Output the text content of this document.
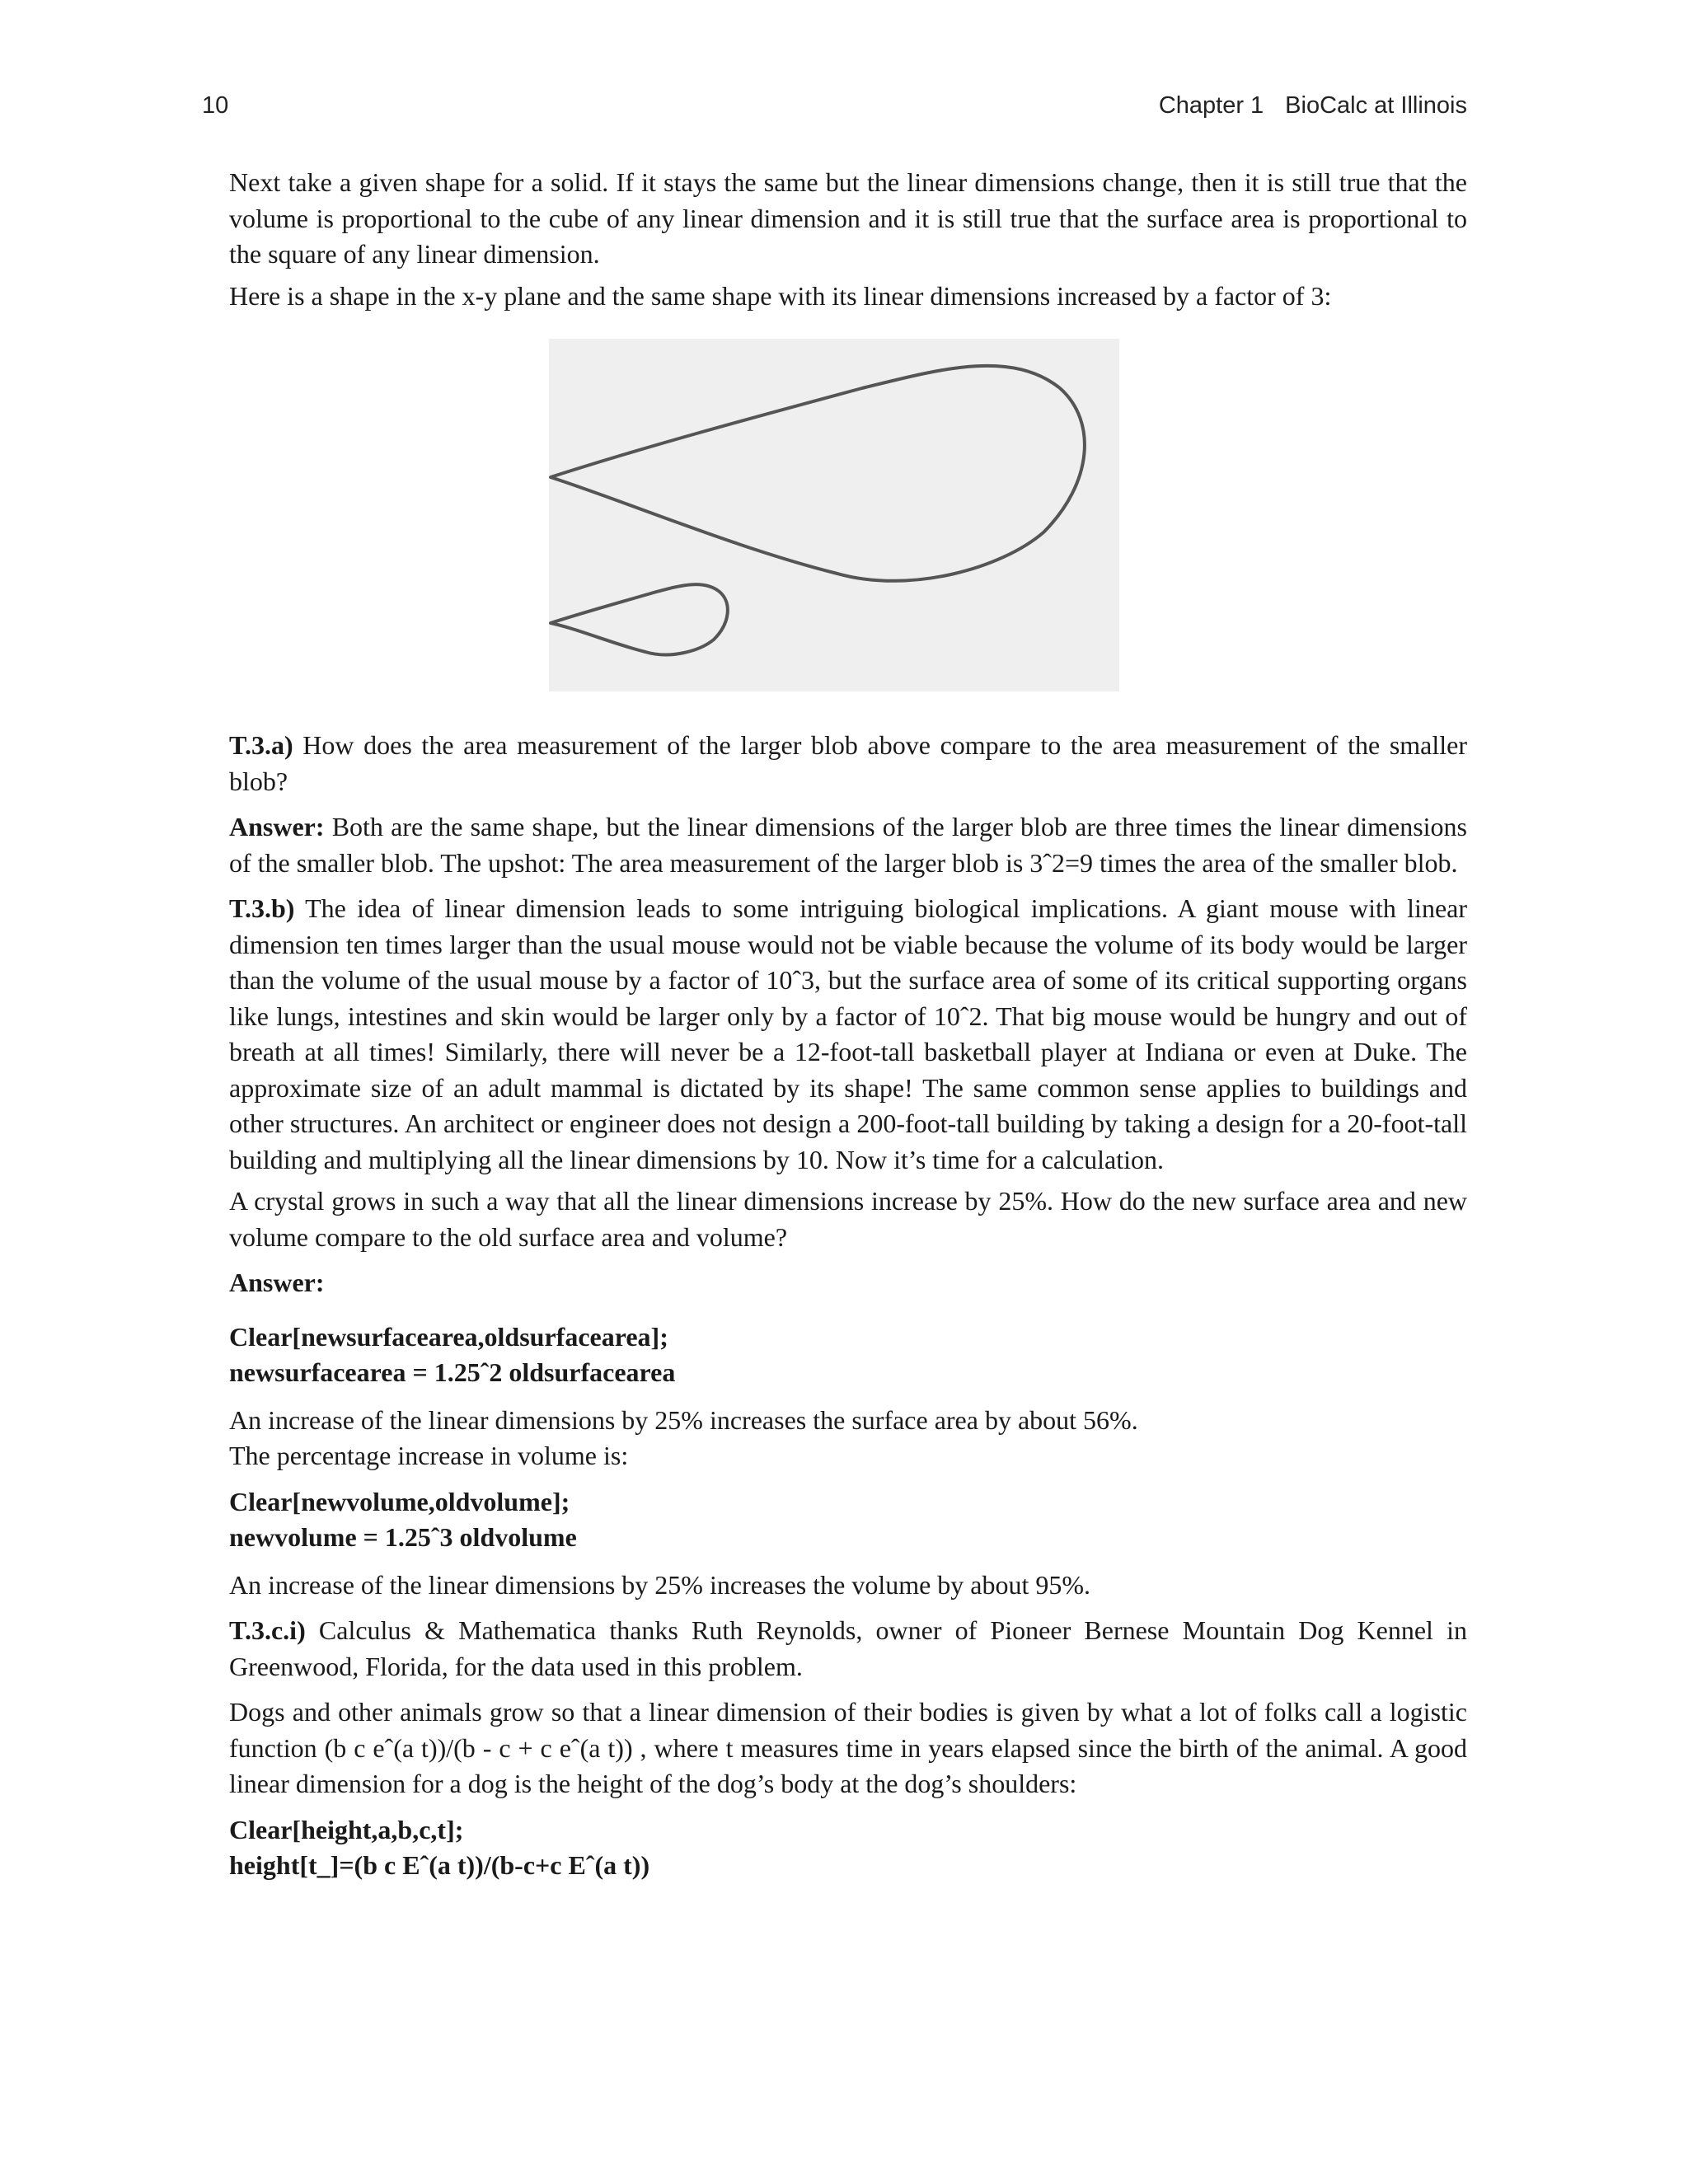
10	Chapter 1 BioCalc at Illinois

Next take a given shape for a solid. If it stays the same but the linear dimensions change, then it is still true that the volume is proportional to the cube of any linear dimension and it is still true that the surface area is proportional to the square of any linear dimension.

Here is a shape in the x-y plane and the same shape with its linear dimensions increased by a factor of 3:

T.3.a) How does the area measurement of the larger blob above compare to the area measurement of the smaller blob?

Answer: Both are the same shape, but the linear dimensions of the larger blob are three times the linear dimensions of the smaller blob. The upshot: The area measurement of the larger blob is 3ˆ2=9 times the area of the smaller blob.

T.3.b) The idea of linear dimension leads to some intriguing biological implications. A giant mouse with linear dimension ten times larger than the usual mouse would not be viable because the volume of its body would be larger than the volume of the usual mouse by a factor of 10ˆ3, but the surface area of some of its critical supporting organs like lungs, intestines and skin would be larger only by a factor of 10ˆ2. That big mouse would be hungry and out of breath at all times! Similarly, there will never be a 12-foot-tall basketball player at Indiana or even at Duke. The approximate size of an adult mammal is dictated by its shape! The same common sense applies to buildings and other structures. An architect or engineer does not design a 200-foot-tall building by taking a design for a 20-foot-tall building and multiplying all the linear dimensions by 10. Now it’s time for a calculation.

A crystal grows in such a way that all the linear dimensions increase by 25%. How do the new surface area and new volume compare to the old surface area and volume?

Answer:

Clear[newsurfacearea,oldsurfacearea];
newsurfacearea = 1.25ˆ2 oldsurfacearea

An increase of the linear dimensions by 25% increases the surface area by about 56%.
The percentage increase in volume is:

Clear[newvolume,oldvolume];
newvolume = 1.25ˆ3 oldvolume

An increase of the linear dimensions by 25% increases the volume by about 95%.

T.3.c.i) Calculus & Mathematica thanks Ruth Reynolds, owner of Pioneer Bernese Mountain Dog Kennel in Greenwood, Florida, for the data used in this problem.

Dogs and other animals grow so that a linear dimension of their bodies is given by what a lot of folks call a logistic function (b c eˆ(a t))/(b - c + c eˆ(a t)) , where t measures time in years elapsed since the birth of the animal. A good linear dimension for a dog is the height of the dog’s body at the dog’s shoulders:

Clear[height,a,b,c,t];
height[t_]=(b c Eˆ(a t))/(b-c+c Eˆ(a t))
